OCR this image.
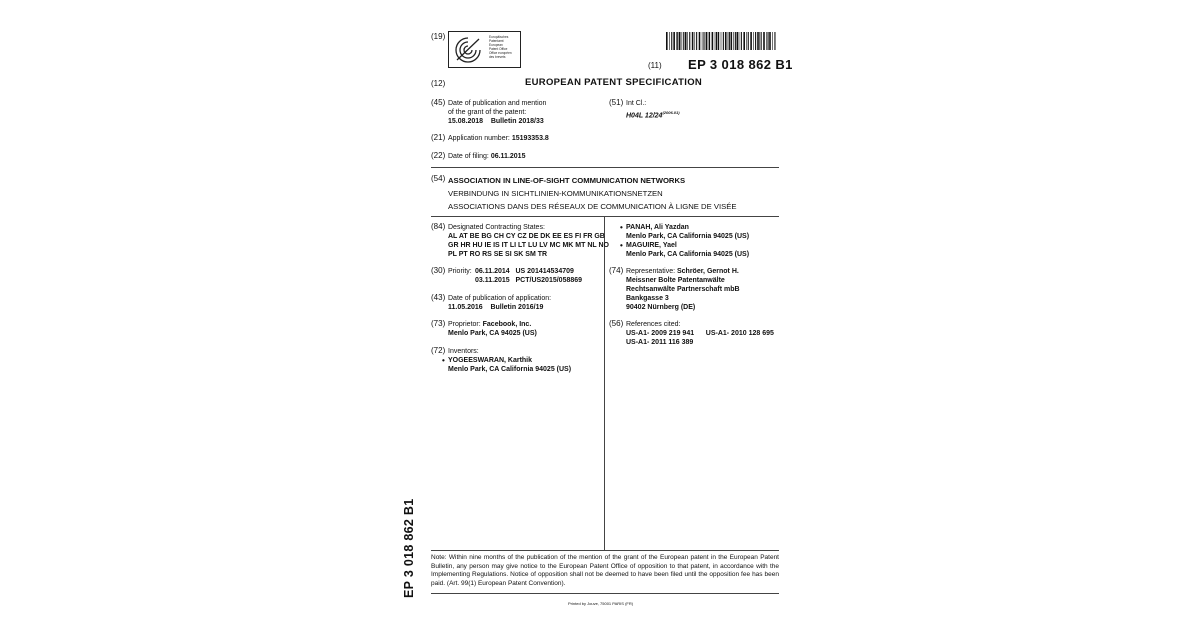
(19)	Europäisches
Patentamt
European
Patent Office
Office européen
des brevets
(11) EP 3 018 862 B1
(12)	EUROPEAN PATENT SPECIFICATION
(45) Date of publication and mention
of the grant of the patent:
15.08.2018 Bulletin 2018/33
(51) Int Cl.:
H04L $12/24^{(2006.01)}$
(21) Application number: 15193353.8
(22) Date of filing: 06.11.2015
(54) ASSOCIATION IN LINE-OF-SIGHT COMMUNICATION NETWORKS
VERBINDUNG IN SICHTLINIEN-KOMMUNIKATIONSNETZEN
ASSOCIATIONS DANS DES RÉSEAUX DE COMMUNICATION À LIGNE DE VISÉE
(84) Designated Contracting States:
AL AT BE BG CH CY CZ DE DK EE ES FI FR GB
GR HR HU IE IS IT LI LT LU LV MC MK MT NL NO
PL PT RO RS SE SI SK SM TR
(30) Priority: 06.11.2014 US 201414534709
03.11.2015 PCT/US2015/058869
(43) Date of publication of application:
11.05.2016 Bulletin 2016/19
(73) Proprietor: Facebook, Inc.
Menlo Park, CA 94025 (US)
(72) Inventors:
• YOGEESWARAN, Karthik
Menlo Park, CA California 94025 (US)
• PANAH, Ali Yazdan
Menlo Park, CA California 94025 (US)
• MAGUIRE, Yael
Menlo Park, CA California 94025 (US)
(74) Representative: Schröer, Gernot H.
Meissner Bolte Patentanwälte
Rechtsanwälte Partnerschaft mbB
Bankgasse 3
90402 Nürnberg (DE)
(56) References cited:
US-A1- 2009 219 941 US-A1- 2010 128 695
US-A1- 2011 116 389
Note: Within nine months of the publication of the mention of the grant of the European patent in the European Patent Bulletin, any person may give notice to the European Patent Office of opposition to that patent, in accordance with the Implementing Regulations. Notice of opposition shall not be deemed to have been filed until the opposition fee has been paid. (Art. 99(1) European Patent Convention).
Printed by Jouve, 75001 PARIS (FR)
EP 3 018 862 B1
